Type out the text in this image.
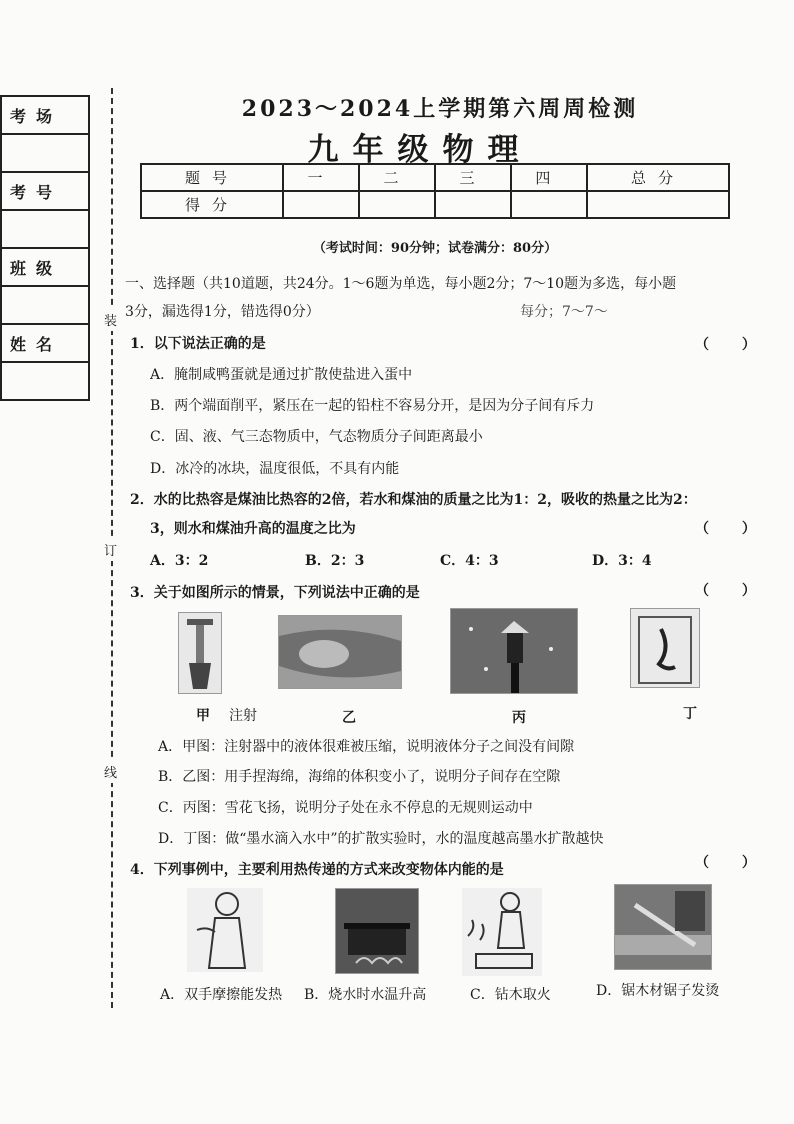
考场

考号

班级

姓名

装
订
线
2023～2024上学期第六周周检测
九年级物理
题号	一	二	三	四	总分
得分					
（考试时间：90分钟；试卷满分：80分）
一、选择题（共10道题，共24分。1～6题为单选，每小题2分；7～10题为多选，每小题
3分，漏选得1分，错选得0分）	每分；7～7～
1．以下说法正确的是	（ ）
A．腌制咸鸭蛋就是通过扩散使盐进入蛋中
B．两个端面削平，紧压在一起的铅柱不容易分开，是因为分子间有斥力
C．固、液、气三态物质中，气态物质分子间距离最小
D．冰冷的冰块，温度很低，不具有内能
2．水的比热容是煤油比热容的2倍，若水和煤油的质量之比为1：2，吸收的热量之比为2：
3，则水和煤油升高的温度之比为	（ ）
A．3：2	B．2：3	C．4：3	D．3：4
3．关于如图所示的情景，下列说法中正确的是	（ ）
甲 注射	乙	丙	丁
A．甲图：注射器中的液体很难被压缩，说明液体分子之间没有间隙
B．乙图：用手捏海绵，海绵的体积变小了，说明分子间存在空隙
C．丙图：雪花飞扬，说明分子处在永不停息的无规则运动中
D．丁图：做“墨水滴入水中”的扩散实验时，水的温度越高墨水扩散越快
4．下列事例中，主要利用热传递的方式来改变物体内能的是	（ ）
A．双手摩擦能发热 B．烧水时水温升高	C．钻木取火	D．锯木材锯子发烫
